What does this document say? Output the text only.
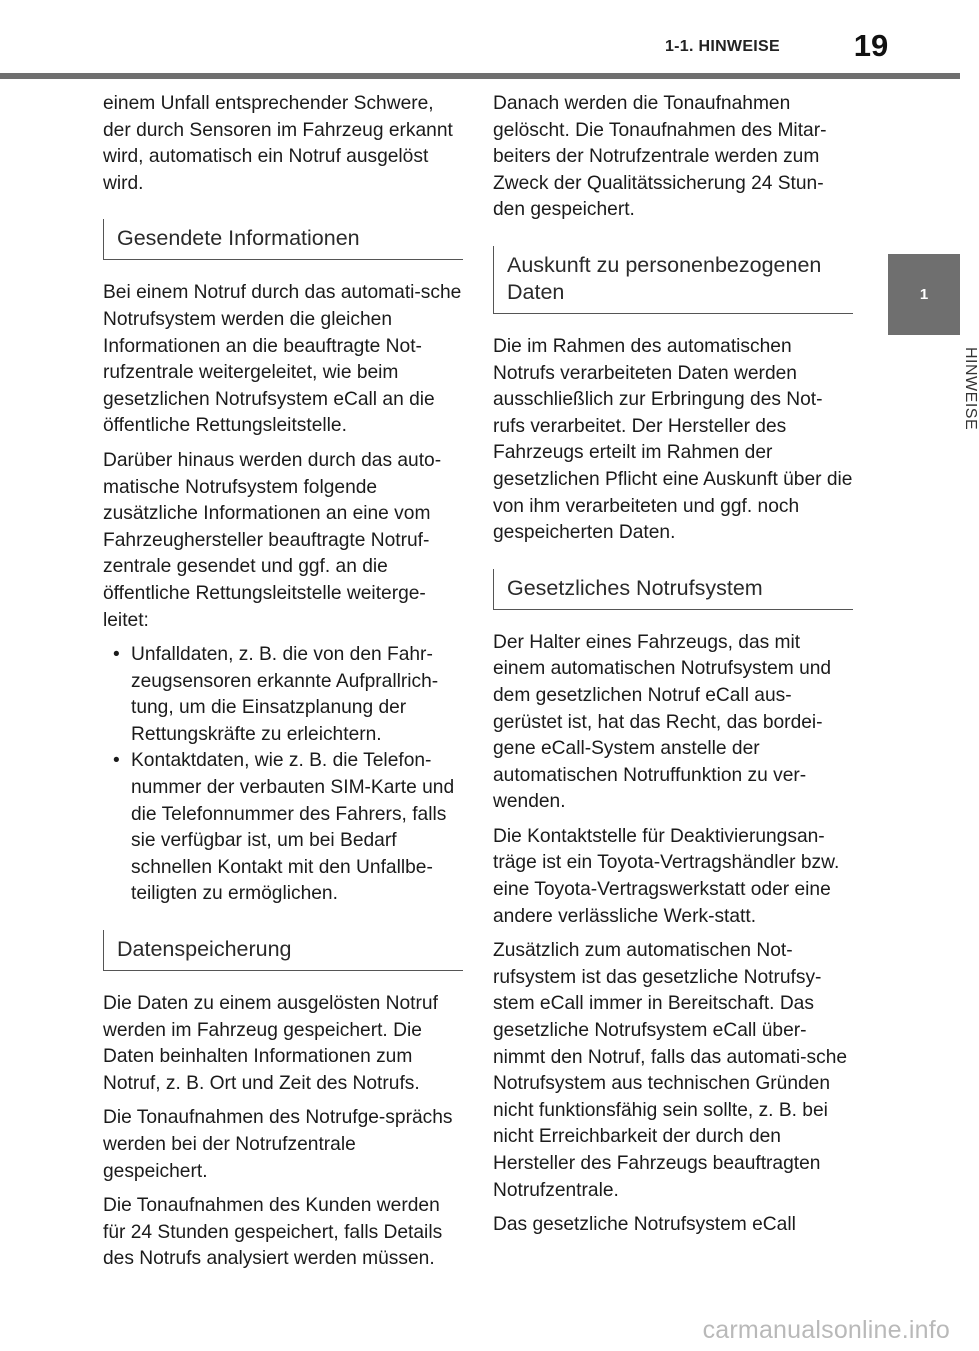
1-1. HINWEISE	19
1
HINWEISE

einem Unfall entsprechender Schwere, der durch Sensoren im Fahrzeug erkannt wird, automatisch ein Notruf ausgelöst wird.

Gesendete Informationen

Bei einem Notruf durch das automati-sche Notrufsystem werden die gleichen Informationen an die beauftragte Not-rufzentrale weitergeleitet, wie beim gesetzlichen Notrufsystem eCall an die öffentliche Rettungsleitstelle.

Darüber hinaus werden durch das auto-matische Notrufsystem folgende zusätzliche Informationen an eine vom Fahrzeughersteller beauftragte Notruf-zentrale gesendet und ggf. an die öffentliche Rettungsleitstelle weiterge-leitet:

• Unfalldaten, z. B. die von den Fahr-zeugsensoren erkannte Aufprallrich-tung, um die Einsatzplanung der Rettungskräfte zu erleichtern.
• Kontaktdaten, wie z. B. die Telefon-nummer der verbauten SIM-Karte und die Telefonnummer des Fahrers, falls sie verfügbar ist, um bei Bedarf schnellen Kontakt mit den Unfallbe-teiligten zu ermöglichen.
Datenspeicherung

Die Daten zu einem ausgelösten Notruf werden im Fahrzeug gespeichert. Die Daten beinhalten Informationen zum Notruf, z. B. Ort und Zeit des Notrufs.

Die Tonaufnahmen des Notrufge-sprächs werden bei der Notrufzentrale gespeichert.

Die Tonaufnahmen des Kunden werden für 24 Stunden gespeichert, falls Details des Notrufs analysiert werden müssen.

Danach werden die Tonaufnahmen gelöscht. Die Tonaufnahmen des Mitar-beiters der Notrufzentrale werden zum Zweck der Qualitätssicherung 24 Stun-den gespeichert.

Auskunft zu personenbezogenen Daten

Die im Rahmen des automatischen Notrufs verarbeiteten Daten werden ausschließlich zur Erbringung des Not-rufs verarbeitet. Der Hersteller des Fahrzeugs erteilt im Rahmen der gesetzlichen Pflicht eine Auskunft über die von ihm verarbeiteten und ggf. noch gespeicherten Daten.

Gesetzliches Notrufsystem

Der Halter eines Fahrzeugs, das mit einem automatischen Notrufsystem und dem gesetzlichen Notruf eCall aus-gerüstet ist, hat das Recht, das bordei-gene eCall-System anstelle der automatischen Notruffunktion zu ver-wenden.

Die Kontaktstelle für Deaktivierungsan-träge ist ein Toyota-Vertragshändler bzw. eine Toyota-Vertragswerkstatt oder eine andere verlässliche Werk-statt.

Zusätzlich zum automatischen Not-rufsystem ist das gesetzliche Notrufsy-stem eCall immer in Bereitschaft. Das gesetzliche Notrufsystem eCall über-nimmt den Notruf, falls das automati-sche Notrufsystem aus technischen Gründen nicht funktionsfähig sein sollte, z. B. bei nicht Erreichbarkeit der durch den Hersteller des Fahrzeugs beauftragten Notrufzentrale.

Das gesetzliche Notrufsystem eCall

carmanualsonline.info
